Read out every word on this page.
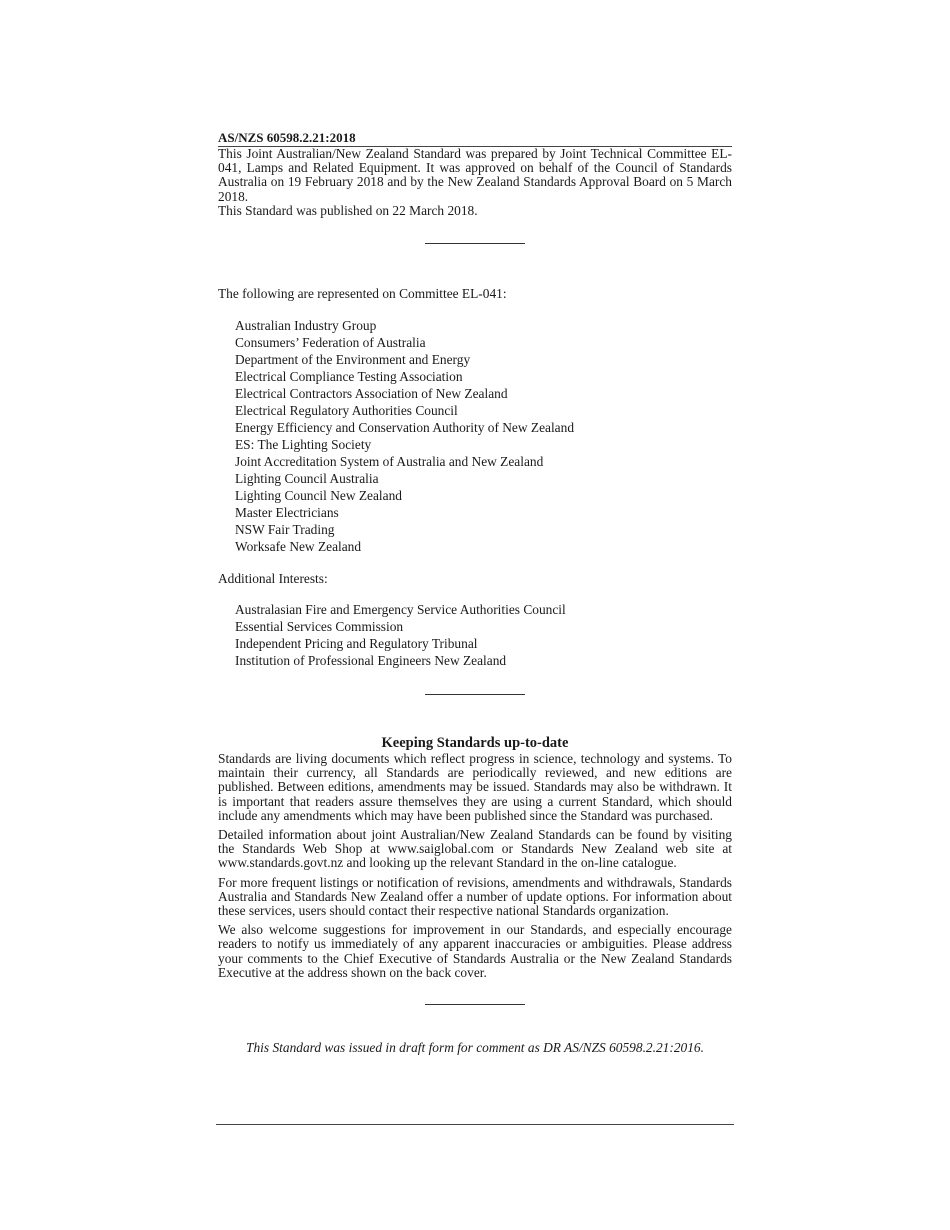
AS/NZS 60598.2.21:2018

This Joint Australian/New Zealand Standard was prepared by Joint Technical Committee EL-041, Lamps and Related Equipment. It was approved on behalf of the Council of Standards Australia on 19 February 2018 and by the New Zealand Standards Approval Board on 5 March 2018.

This Standard was published on 22 March 2018.

The following are represented on Committee EL-041:
Australian Industry Group
Consumers’ Federation of Australia
Department of the Environment and Energy
Electrical Compliance Testing Association
Electrical Contractors Association of New Zealand
Electrical Regulatory Authorities Council
Energy Efficiency and Conservation Authority of New Zealand
ES: The Lighting Society
Joint Accreditation System of Australia and New Zealand
Lighting Council Australia
Lighting Council New Zealand
Master Electricians
NSW Fair Trading
Worksafe New Zealand
Additional Interests:
Australasian Fire and Emergency Service Authorities Council
Essential Services Commission
Independent Pricing and Regulatory Tribunal
Institution of Professional Engineers New Zealand
Keeping Standards up-to-date

Standards are living documents which reflect progress in science, technology and systems. To maintain their currency, all Standards are periodically reviewed, and new editions are published. Between editions, amendments may be issued. Standards may also be withdrawn. It is important that readers assure themselves they are using a current Standard, which should include any amendments which may have been published since the Standard was purchased.

Detailed information about joint Australian/New Zealand Standards can be found by visiting the Standards Web Shop at www.saiglobal.com or Standards New Zealand web site at www.standards.govt.nz and looking up the relevant Standard in the on-line catalogue.

For more frequent listings or notification of revisions, amendments and withdrawals, Standards Australia and Standards New Zealand offer a number of update options. For information about these services, users should contact their respective national Standards organization.

We also welcome suggestions for improvement in our Standards, and especially encourage readers to notify us immediately of any apparent inaccuracies or ambiguities. Please address your comments to the Chief Executive of Standards Australia or the New Zealand Standards Executive at the address shown on the back cover.

This Standard was issued in draft form for comment as DR AS/NZS 60598.2.21:2016.
